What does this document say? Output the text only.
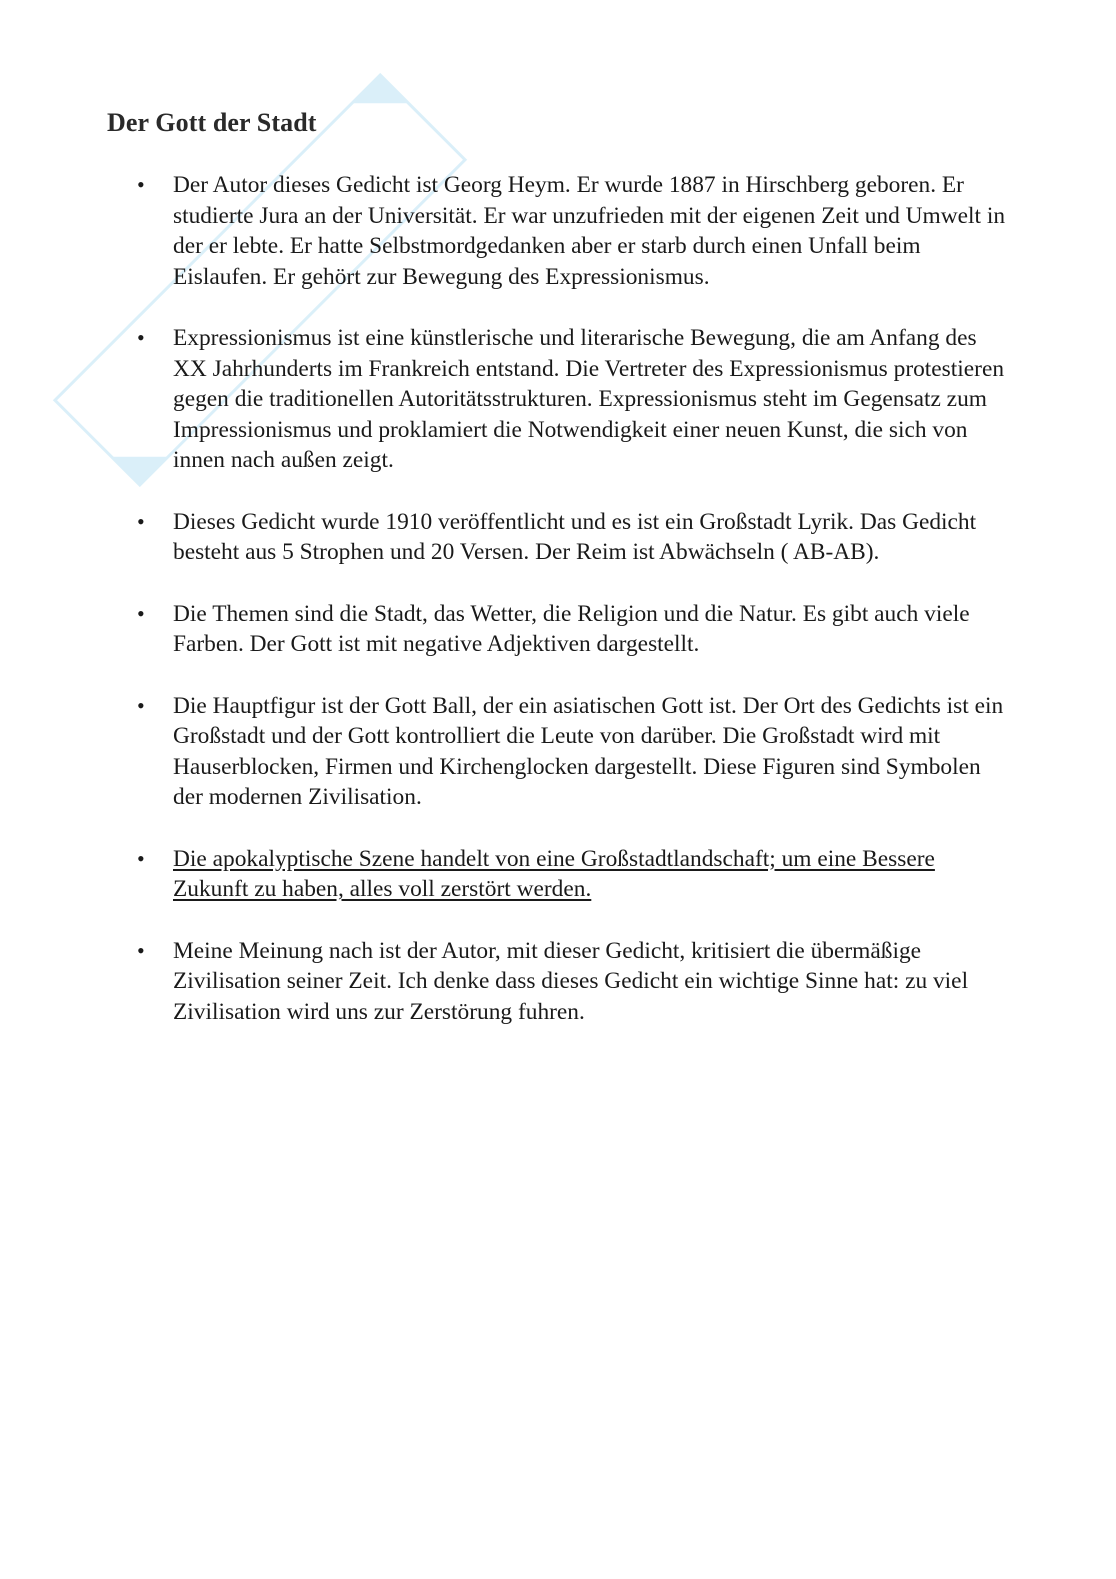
Der Gott der Stadt
• Der Autor dieses Gedicht ist Georg Heym. Er wurde 1887 in Hirschberg geboren. Er studierte Jura an der Universität. Er war unzufrieden mit der eigenen Zeit und Umwelt in der er lebte. Er hatte Selbstmordgedanken aber er starb durch einen Unfall beim Eislaufen. Er gehört zur Bewegung des Expressionismus.
• Expressionismus ist eine künstlerische und literarische Bewegung, die am Anfang des XX Jahrhunderts im Frankreich entstand. Die Vertreter des Expressionismus protestieren gegen die traditionellen Autoritätsstrukturen. Expressionismus steht im Gegensatz zum Impressionismus und proklamiert die Notwendigkeit einer neuen Kunst, die sich von innen nach außen zeigt.
• Dieses Gedicht wurde 1910 veröffentlicht und es ist ein Großstadt Lyrik. Das Gedicht besteht aus 5 Strophen und 20 Versen. Der Reim ist Abwächseln ( AB-AB).
• Die Themen sind die Stadt, das Wetter, die Religion und die Natur. Es gibt auch viele Farben. Der Gott ist mit negative Adjektiven dargestellt.
• Die Hauptfigur ist der Gott Ball, der ein asiatischen Gott ist. Der Ort des Gedichts ist ein Großstadt und der Gott kontrolliert die Leute von darüber. Die Großstadt wird mit Hauserblocken, Firmen und Kirchenglocken dargestellt. Diese Figuren sind Symbolen der modernen Zivilisation.
• Die apokalyptische Szene handelt von eine Großstadtlandschaft; um eine Bessere Zukunft zu haben, alles voll zerstört werden.
• Meine Meinung nach ist der Autor, mit dieser Gedicht, kritisiert die übermäßige Zivilisation seiner Zeit. Ich denke dass dieses Gedicht ein wichtige Sinne hat: zu viel Zivilisation wird uns zur Zerstörung fuhren.
